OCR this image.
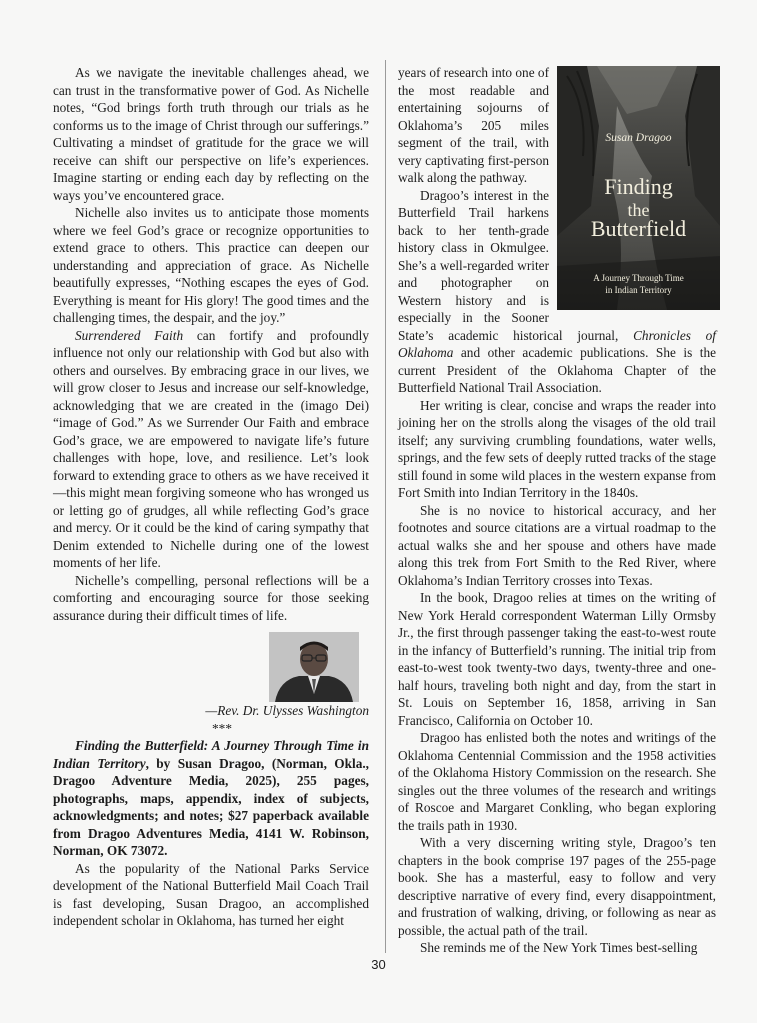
As we navigate the inevitable challenges ahead, we can trust in the transformative power of God. As Nichelle notes, “God brings forth truth through our trials as he conforms us to the image of Christ through our sufferings.” Cultivating a mindset of gratitude for the grace we will receive can shift our perspective on life’s experiences. Imagine starting or ending each day by reflecting on the ways you’ve encountered grace.

Nichelle also invites us to anticipate those moments where we feel God’s grace or recognize opportunities to extend grace to others. This practice can deepen our understanding and appreciation of grace. As Nichelle beautifully expresses, “Nothing escapes the eyes of God. Everything is meant for His glory! The good times and the challenging times, the despair, and the joy.”

Surrendered Faith can fortify and profoundly influence not only our relationship with God but also with others and ourselves. By embracing grace in our lives, we will grow closer to Jesus and increase our self-knowledge, acknowledging that we are created in the (imago Dei) “image of God.” As we Surrender Our Faith and embrace God’s grace, we are empowered to navigate life’s future challenges with hope, love, and resilience. Let’s look forward to extending grace to others as we have received it—this might mean forgiving someone who has wronged us or letting go of grudges, all while reflecting God’s grace and mercy. Or it could be the kind of caring sympathy that Denim extended to Nichelle during one of the lowest moments of her life.

Nichelle’s compelling, personal reflections will be a comforting and encouraging source for those seeking assurance during their difficult times of life.

—Rev. Dr. Ulysses Washington

***

Finding the Butterfield: A Journey Through Time in Indian Territory, by Susan Dragoo, (Norman, Okla., Dragoo Adventure Media, 2025), 255 pages, photographs, maps, appendix, index of subjects, acknowledgments; and notes; $27 paperback available from Dragoo Adventures Media, 4141 W. Robinson, Norman, OK 73072.

As the popularity of the National Parks Service development of the National Butterfield Mail Coach Trail is fast developing, Susan Dragoo, an accomplished independent scholar in Oklahoma, has turned her eight

Susan Dragoo
Finding
the
Butterfield
A Journey Through Time
in Indian Territory

years of research into one of the most readable and entertaining sojourns of Oklahoma’s 205 miles segment of the trail, with very captivating first-person walk along the pathway.

Dragoo’s interest in the Butterfield Trail harkens back to her tenth-grade history class in Okmulgee. She’s a well-regarded writer and photographer on Western history and is especially in the Sooner State’s academic historical journal, Chronicles of Oklahoma and other academic publications. She is the current President of the Oklahoma Chapter of the Butterfield National Trail Association.

Her writing is clear, concise and wraps the reader into joining her on the strolls along the visages of the old trail itself; any surviving crumbling foundations, water wells, springs, and the few sets of deeply rutted tracks of the stage still found in some wild places in the western expanse from Fort Smith into Indian Territory in the 1840s.

She is no novice to historical accuracy, and her footnotes and source citations are a virtual roadmap to the actual walks she and her spouse and others have made along this trek from Fort Smith to the Red River, where Oklahoma’s Indian Territory crosses into Texas.

In the book, Dragoo relies at times on the writing of New York Herald correspondent Waterman Lilly Ormsby Jr., the first through passenger taking the east-to-west route in the infancy of Butterfield’s running. The initial trip from east-to-west took twenty-two days, twenty-three and one-half hours, traveling both night and day, from the start in St. Louis on September 16, 1858, arriving in San Francisco, California on October 10.

Dragoo has enlisted both the notes and writings of the Oklahoma Centennial Commission and the 1958 activities of the Oklahoma History Commission on the research. She singles out the three volumes of the research and writings of Roscoe and Margaret Conkling, who began exploring the trails path in 1930.

With a very discerning writing style, Dragoo’s ten chapters in the book comprise 197 pages of the 255-page book. She has a masterful, easy to follow and very descriptive narrative of every find, every disappointment, and frustration of walking, driving, or following as near as possible, the actual path of the trail.

She reminds me of the New York Times best-selling

30
